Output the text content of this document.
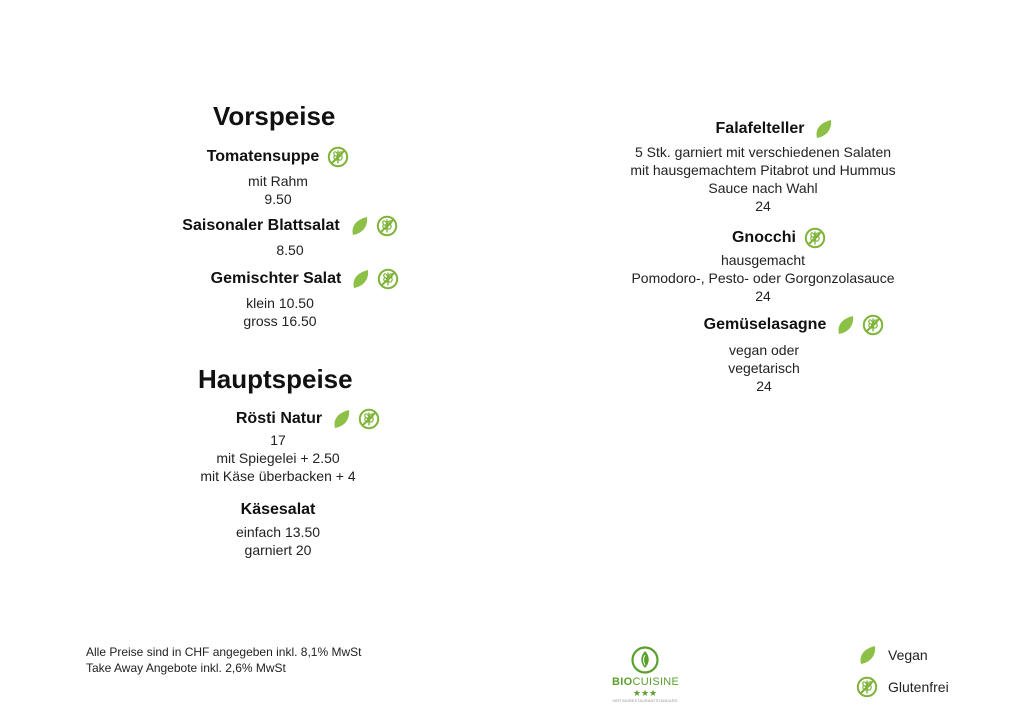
Vorspeise
Tomatensuppe
mit Rahm
9.50
Saisonaler Blattsalat
8.50
Gemischter Salat
klein 10.50
gross 16.50
Hauptspeise
Rösti Natur
17
mit Spiegelei + 2.50
mit Käse überbacken + 4
Käsesalat
einfach 13.50
garniert 20
Falafelteller
5 Stk. garniert mit verschiedenen Salaten
mit hausgemachtem Pitabrot und Hummus
Sauce nach Wahl
24
Gnocchi
hausgemacht
Pomodoro-, Pesto- oder Gorgonzolasauce
24
Gemüselasagne
vegan oder
vegetarisch
24
Alle Preise sind in CHF angegeben inkl. 8,1% MwSt
Take Away Angebote inkl. 2,6% MwSt
BIOCUISINE
★★★
DER BIORESTAURANTSTANDARD
Vegan
Glutenfrei
